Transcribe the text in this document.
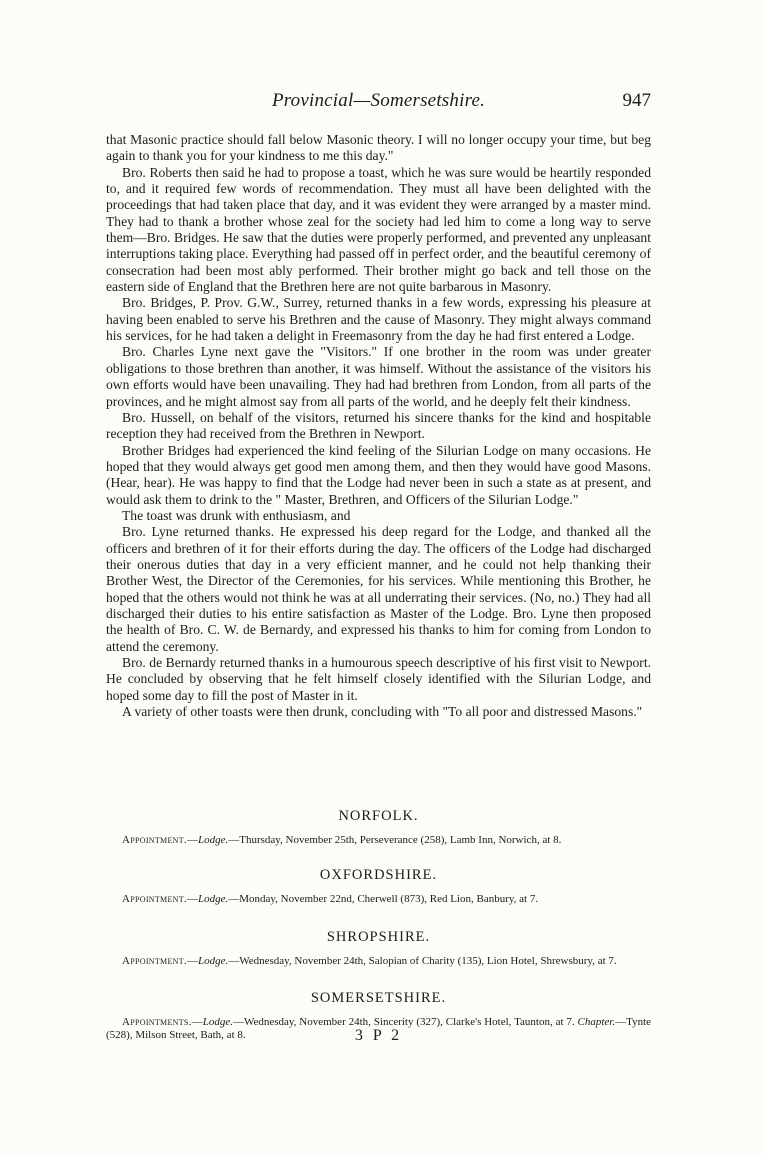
Provincial—Somersetshire.	947

that Masonic practice should fall below Masonic theory. I will no longer occupy your time, but beg again to thank you for your kindness to me this day."

Bro. Roberts then said he had to propose a toast, which he was sure would be heartily responded to, and it required few words of recommendation. They must all have been delighted with the proceedings that had taken place that day, and it was evident they were arranged by a master mind. They had to thank a brother whose zeal for the society had led him to come a long way to serve them—Bro. Bridges. He saw that the duties were properly performed, and prevented any unpleasant interruptions taking place. Everything had passed off in perfect order, and the beautiful ceremony of consecration had been most ably performed. Their brother might go back and tell those on the eastern side of England that the Brethren here are not quite barbarous in Masonry.

Bro. Bridges, P. Prov. G.W., Surrey, returned thanks in a few words, expressing his pleasure at having been enabled to serve his Brethren and the cause of Masonry. They might always command his services, for he had taken a delight in Freemasonry from the day he had first entered a Lodge.

Bro. Charles Lyne next gave the "Visitors." If one brother in the room was under greater obligations to those brethren than another, it was himself. Without the assistance of the visitors his own efforts would have been unavailing. They had had brethren from London, from all parts of the provinces, and he might almost say from all parts of the world, and he deeply felt their kindness.

Bro. Hussell, on behalf of the visitors, returned his sincere thanks for the kind and hospitable reception they had received from the Brethren in Newport.

Brother Bridges had experienced the kind feeling of the Silurian Lodge on many occasions. He hoped that they would always get good men among them, and then they would have good Masons. (Hear, hear). He was happy to find that the Lodge had never been in such a state as at present, and would ask them to drink to the " Master, Brethren, and Officers of the Silurian Lodge."

The toast was drunk with enthusiasm, and

Bro. Lyne returned thanks. He expressed his deep regard for the Lodge, and thanked all the officers and brethren of it for their efforts during the day. The officers of the Lodge had discharged their onerous duties that day in a very efficient manner, and he could not help thanking their Brother West, the Director of the Ceremonies, for his services. While mentioning this Brother, he hoped that the others would not think he was at all underrating their services. (No, no.) They had all discharged their duties to his entire satisfaction as Master of the Lodge. Bro. Lyne then proposed the health of Bro. C. W. de Bernardy, and expressed his thanks to him for coming from London to attend the ceremony.

Bro. de Bernardy returned thanks in a humourous speech descriptive of his first visit to Newport. He concluded by observing that he felt himself closely identified with the Silurian Lodge, and hoped some day to fill the post of Master in it.

A variety of other toasts were then drunk, concluding with "To all poor and distressed Masons."

NORFOLK.

Appointment.—Lodge.—Thursday, November 25th, Perseverance (258), Lamb Inn, Norwich, at 8.

OXFORDSHIRE.

Appointment.—Lodge.—Monday, November 22nd, Cherwell (873), Red Lion, Banbury, at 7.

SHROPSHIRE.

Appointment.—Lodge.—Wednesday, November 24th, Salopian of Charity (135), Lion Hotel, Shrewsbury, at 7.

SOMERSETSHIRE.

Appointments.—Lodge.—Wednesday, November 24th, Sincerity (327), Clarke's Hotel, Taunton, at 7. Chapter.—Tynte (528), Milson Street, Bath, at 8.	3 P 2
